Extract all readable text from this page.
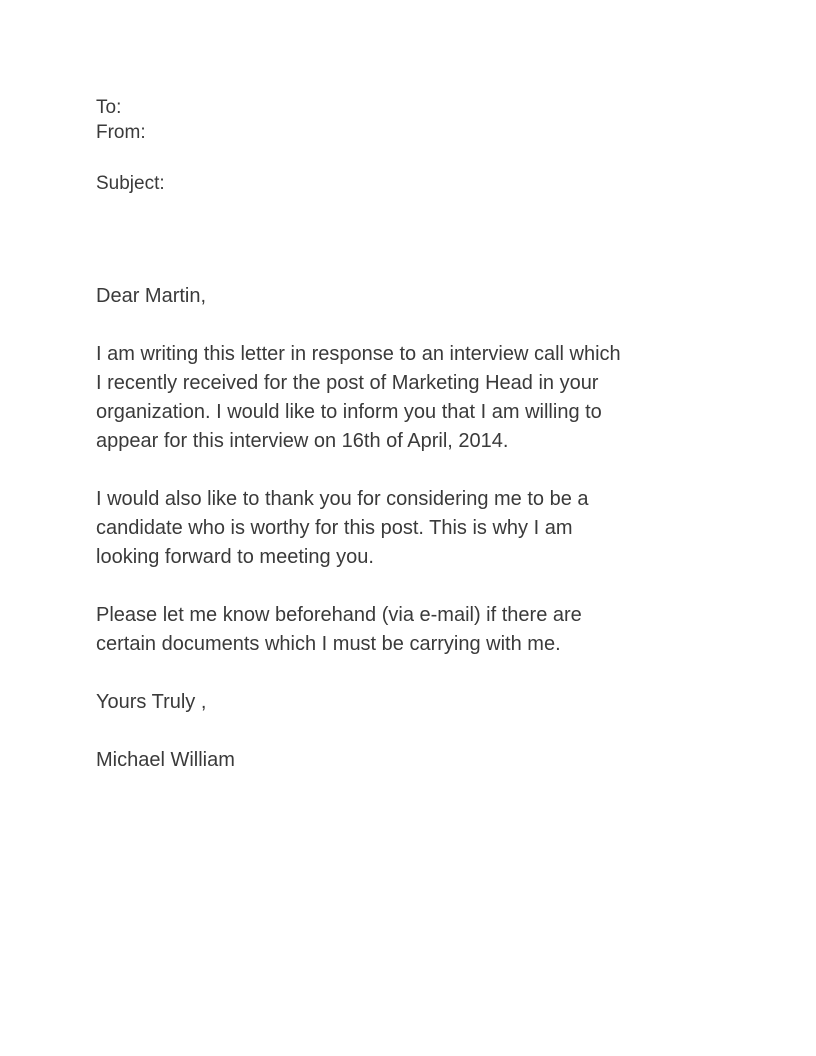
To:
From:
Subject:

Dear Martin,

I am writing this letter in response to an interview call which
I recently received for the post of Marketing Head in your
organization. I would like to inform you that I am willing to
appear for this interview on 16th of April, 2014.
I would also like to thank you for considering me to be a
candidate who is worthy for this post. This is why I am
looking forward to meeting you.
Please let me know beforehand (via e-mail) if there are
certain documents which I must be carrying with me.

Yours Truly ,

Michael William
